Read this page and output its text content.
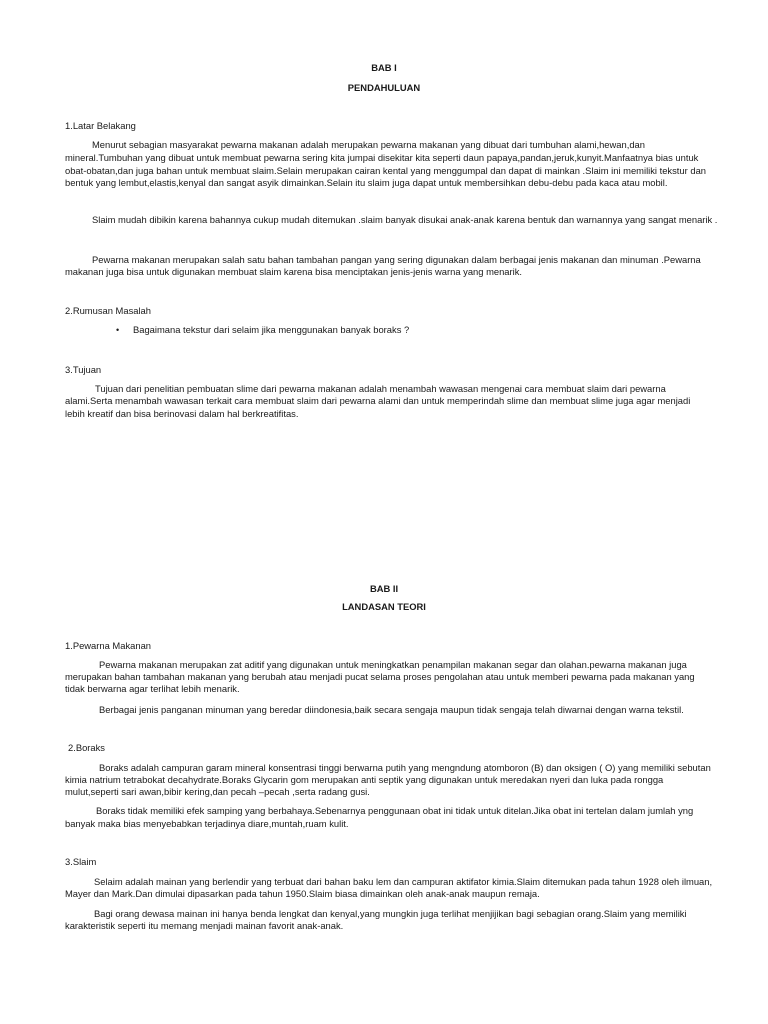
BAB I
PENDAHULUAN
1.Latar Belakang
Menurut sebagian masyarakat pewarna makanan adalah merupakan pewarna makanan yang dibuat dari tumbuhan alami,hewan,dan
mineral.Tumbuhan yang dibuat untuk membuat pewarna sering kita jumpai disekitar kita seperti daun papaya,pandan,jeruk,kunyit.Manfaatnya bias untuk
obat-obatan,dan juga bahan untuk membuat slaim.Selain merupakan cairan kental yang menggumpal dan dapat di mainkan .Slaim ini memiliki tekstur dan
bentuk yang lembut,elastis,kenyal dan sangat asyik dimainkan.Selain itu slaim juga dapat untuk membersihkan debu-debu pada kaca atau mobil.
Slaim mudah dibikin karena bahannya cukup mudah ditemukan .slaim banyak disukai anak-anak karena bentuk dan warnannya yang sangat menarik .
Pewarna makanan merupakan salah satu bahan tambahan pangan yang sering digunakan dalam berbagai jenis makanan dan minuman .Pewarna
makanan juga bisa untuk digunakan membuat slaim karena bisa menciptakan jenis-jenis warna yang menarik.
2.Rumusan Masalah
• Bagaimana tekstur dari selaim jika menggunakan banyak boraks ?
3.Tujuan
Tujuan dari penelitian pembuatan slime dari pewarna makanan adalah menambah wawasan mengenai cara membuat slaim dari pewarna
alami.Serta menambah wawasan terkait cara membuat slaim dari pewarna alami dan untuk memperindah slime dan membuat slime juga agar menjadi
lebih kreatif dan bisa berinovasi dalam hal berkreatifitas.
BAB II
LANDASAN TEORI
1.Pewarna Makanan
Pewarna makanan merupakan zat aditif yang digunakan untuk meningkatkan penampilan makanan segar dan olahan.pewarna makanan juga
merupakan bahan tambahan makanan yang berubah atau menjadi pucat selama proses pengolahan atau untuk memberi pewarna pada makanan yang
tidak berwarna agar terlihat lebih menarik.
Berbagai jenis panganan minuman yang beredar diindonesia,baik secara sengaja maupun tidak sengaja telah diwarnai dengan warna tekstil.
2.Boraks
Boraks adalah campuran garam mineral konsentrasi tinggi berwarna putih yang mengndung atomboron (B) dan oksigen ( O) yang memiliki sebutan
kimia natrium tetrabokat decahydrate.Boraks Glycarin gom merupakan anti septik yang digunakan untuk meredakan nyeri dan luka pada rongga
mulut,seperti sari awan,bibir kering,dan pecah –pecah ,serta radang gusi.
Boraks tidak memiliki efek samping yang berbahaya.Sebenarnya penggunaan obat ini tidak untuk ditelan.Jika obat ini tertelan dalam jumlah yng
banyak maka bias menyebabkan terjadinya diare,muntah,ruam kulit.
3.Slaim
Selaim adalah mainan yang berlendir yang terbuat dari bahan baku lem dan campuran aktifator kimia.Slaim ditemukan pada tahun 1928 oleh ilmuan,
Mayer dan Mark.Dan dimulai dipasarkan pada tahun 1950.Slaim biasa dimainkan oleh anak-anak maupun remaja.
Bagi orang dewasa mainan ini hanya benda lengkat dan kenyal,yang mungkin juga terlihat menjijikan bagi sebagian orang.Slaim yang memiliki
karakteristik seperti itu memang menjadi mainan favorit anak-anak.
